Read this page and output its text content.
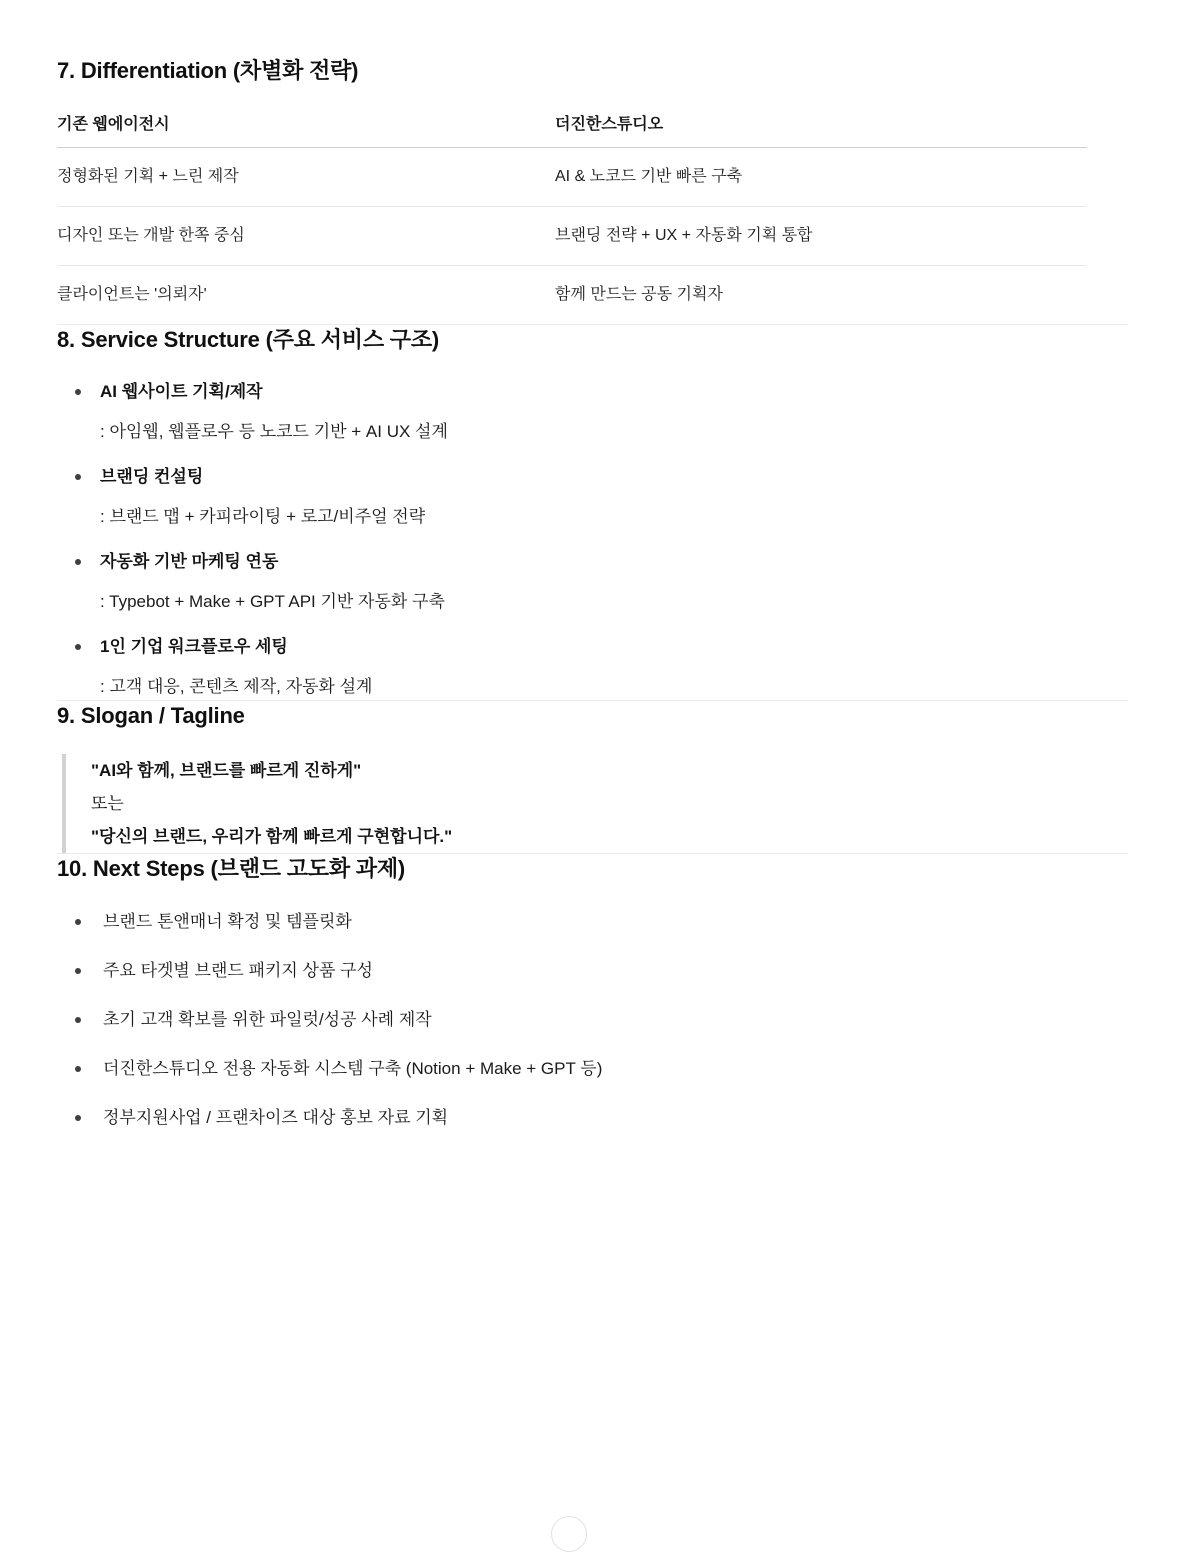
7. Differentiation (차별화 전략)
기존 웹에이전시	더진한스튜디오
정형화된 기획 + 느린 제작	AI & 노코드 기반 빠른 구축
디자인 또는 개발 한쪽 중심	브랜딩 전략 + UX + 자동화 기획 통합
클라이언트는 '의뢰자'	함께 만드는 공동 기획자
8. Service Structure (주요 서비스 구조)
AI 웹사이트 기획/제작
: 아임웹, 웹플로우 등 노코드 기반 + AI UX 설계
브랜딩 컨설팅
: 브랜드 맵 + 카피라이팅 + 로고/비주얼 전략
자동화 기반 마케팅 연동
: Typebot + Make + GPT API 기반 자동화 구축
1인 기업 워크플로우 세팅
: 고객 대응, 콘텐츠 제작, 자동화 설계
9. Slogan / Tagline
"AI와 함께, 브랜드를 빠르게 진하게"
또는
"당신의 브랜드, 우리가 함께 빠르게 구현합니다."
10. Next Steps (브랜드 고도화 과제)
브랜드 톤앤매너 확정 및 템플릿화
주요 타겟별 브랜드 패키지 상품 구성
초기 고객 확보를 위한 파일럿/성공 사례 제작
더진한스튜디오 전용 자동화 시스템 구축 (Notion + Make + GPT 등)
정부지원사업 / 프랜차이즈 대상 홍보 자료 기획
